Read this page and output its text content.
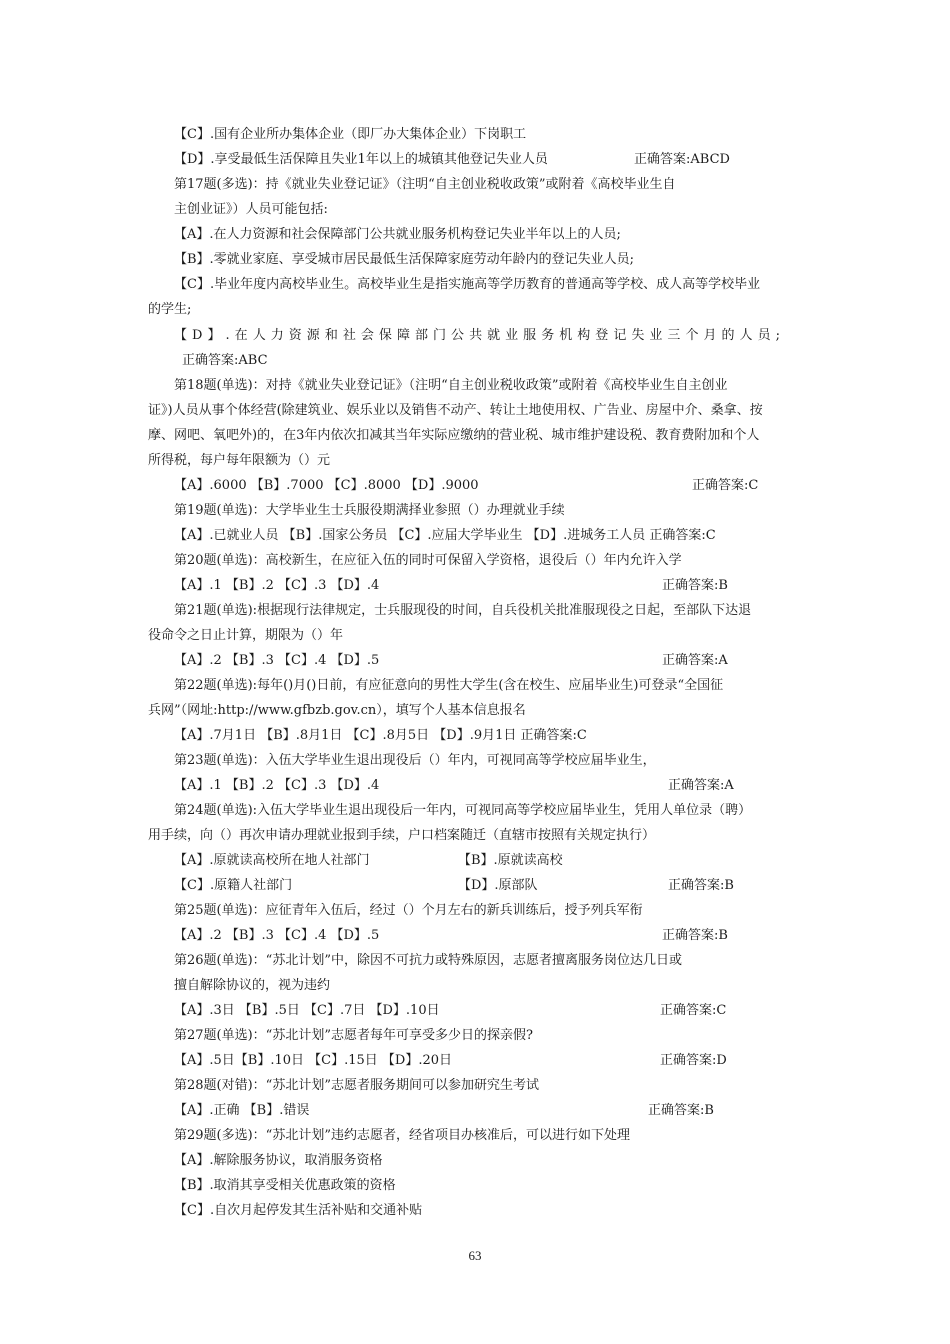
【C】.国有企业所办集体企业（即厂办大集体企业）下岗职工
【D】.享受最低生活保障且失业1年以上的城镇其他登记失业人员	正确答案:ABCD
第17题(多选)：持《就业失业登记证》（注明“自主创业税收政策”或附着《高校毕业生自
主创业证》）人员可能包括:
【A】.在人力资源和社会保障部门公共就业服务机构登记失业半年以上的人员;
【B】.零就业家庭、享受城市居民最低生活保障家庭劳动年龄内的登记失业人员;
【C】.毕业年度内高校毕业生。高校毕业生是指实施高等学历教育的普通高等学校、成人高等学校毕业
的学生;
【D】.在人力资源和社会保障部门公共就业服务机构登记失业三个月的人员;
正确答案:ABC
第18题(单选)：对持《就业失业登记证》（注明“自主创业税收政策”或附着《高校毕业生自主创业
证》)人员从事个体经营(除建筑业、娱乐业以及销售不动产、转让土地使用权、广告业、房屋中介、桑拿、按
摩、网吧、氧吧外)的，在3年内依次扣减其当年实际应缴纳的营业税、城市维护建设税、教育费附加和个人
所得税，每户每年限额为（）元
【A】.6000 【B】.7000 【C】.8000 【D】.9000	正确答案:C
第19题(单选)：大学毕业生士兵服役期满择业参照（）办理就业手续
【A】.已就业人员 【B】.国家公务员 【C】.应届大学毕业生 【D】.进城务工人员 正确答案:C
第20题(单选)：高校新生，在应征入伍的同时可保留入学资格，退役后（）年内允许入学
【A】.1 【B】.2 【C】.3 【D】.4	正确答案:B
第21题(单选):根据现行法律规定，士兵服现役的时间，自兵役机关批准服现役之日起，至部队下达退
役命令之日止计算，期限为（）年
【A】.2 【B】.3 【C】.4 【D】.5	正确答案:A
第22题(单选):每年()月()日前，有应征意向的男性大学生(含在校生、应届毕业生)可登录“全国征
兵网”（网址:http://www.gfbzb.gov.cn），填写个人基本信息报名
【A】.7月1日 【B】.8月1日 【C】.8月5日 【D】.9月1日 正确答案:C
第23题(单选)：入伍大学毕业生退出现役后（）年内，可视同高等学校应届毕业生，
【A】.1 【B】.2 【C】.3 【D】.4	正确答案:A
第24题(单选):入伍大学毕业生退出现役后一年内，可视同高等学校应届毕业生，凭用人单位录（聘）
用手续，向（）再次申请办理就业报到手续，户口档案随迁（直辖市按照有关规定执行）
【A】.原就读高校所在地人社部门	【B】.原就读高校
【C】.原籍人社部门	【D】.原部队	正确答案:B
第25题(单选)：应征青年入伍后，经过（）个月左右的新兵训练后，授予列兵军衔
【A】.2 【B】.3 【C】.4 【D】.5	正确答案:B
第26题(单选)：“苏北计划”中，除因不可抗力或特殊原因，志愿者擅离服务岗位达几日或
擅自解除协议的，视为违约
【A】.3日 【B】.5日 【C】.7日 【D】.10日	正确答案:C
第27题(单选)：“苏北计划”志愿者每年可享受多少日的探亲假?
【A】.5日【B】.10日 【C】.15日 【D】.20日	正确答案:D
第28题(对错)：“苏北计划”志愿者服务期间可以参加研究生考试
【A】.正确 【B】.错误	正确答案:B
第29题(多选)：“苏北计划”违约志愿者，经省项目办核准后，可以进行如下处理
【A】.解除服务协议，取消服务资格
【B】.取消其享受相关优惠政策的资格
【C】.自次月起停发其生活补贴和交通补贴
63
